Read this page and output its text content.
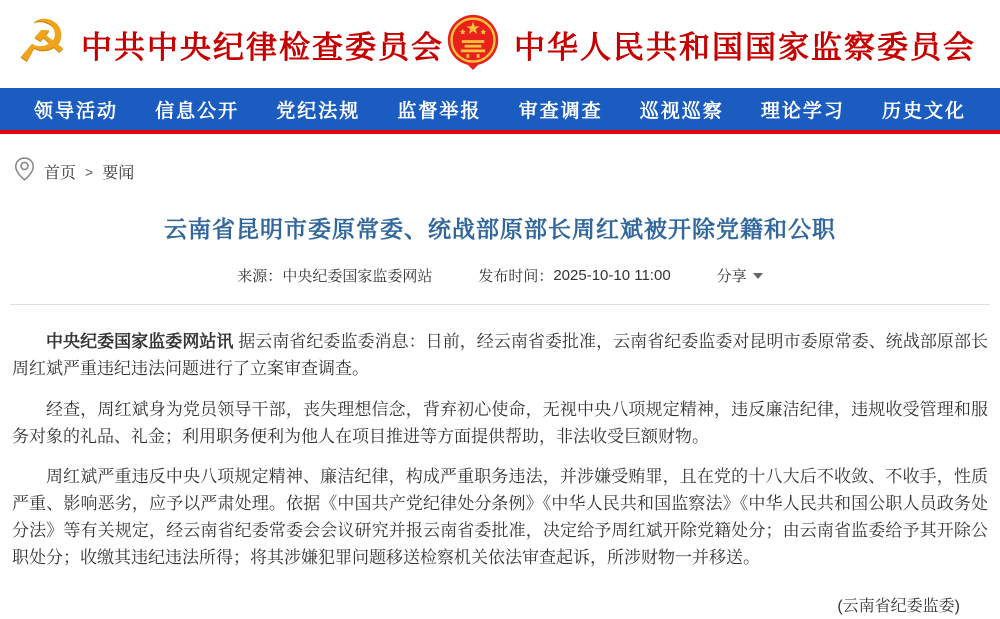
☭ 中共中央纪律检查委员会 中华人民共和国国家监察委员会
领导活动 信息公开 党纪法规 监督举报 审查调查 巡视巡察 理论学习 历史文化
首页 > 要闻
云南省昆明市委原常委、统战部原部长周红斌被开除党籍和公职
来源： 中央纪委国家监委网站	发布时间： 2025-10-10 11:00	分享

中央纪委国家监委网站讯 据云南省纪委监委消息：日前，经云南省委批准，云南省纪委监委对昆明市委原常委、统战部原部长周红斌严重违纪违法问题进行了立案审查调查。

经查，周红斌身为党员领导干部，丧失理想信念，背弃初心使命，无视中央八项规定精神，违反廉洁纪律，违规收受管理和服务对象的礼品、礼金；利用职务便利为他人在项目推进等方面提供帮助，非法收受巨额财物。

周红斌严重违反中央八项规定精神、廉洁纪律，构成严重职务违法，并涉嫌受贿罪，且在党的十八大后不收敛、不收手，性质严重、影响恶劣，应予以严肃处理。依据《中国共产党纪律处分条例》《中华人民共和国监察法》《中华人民共和国公职人员政务处分法》等有关规定，经云南省纪委常委会会议研究并报云南省委批准，决定给予周红斌开除党籍处分；由云南省监委给予其开除公职处分；收缴其违纪违法所得；将其涉嫌犯罪问题移送检察机关依法审查起诉，所涉财物一并移送。

(云南省纪委监委)
